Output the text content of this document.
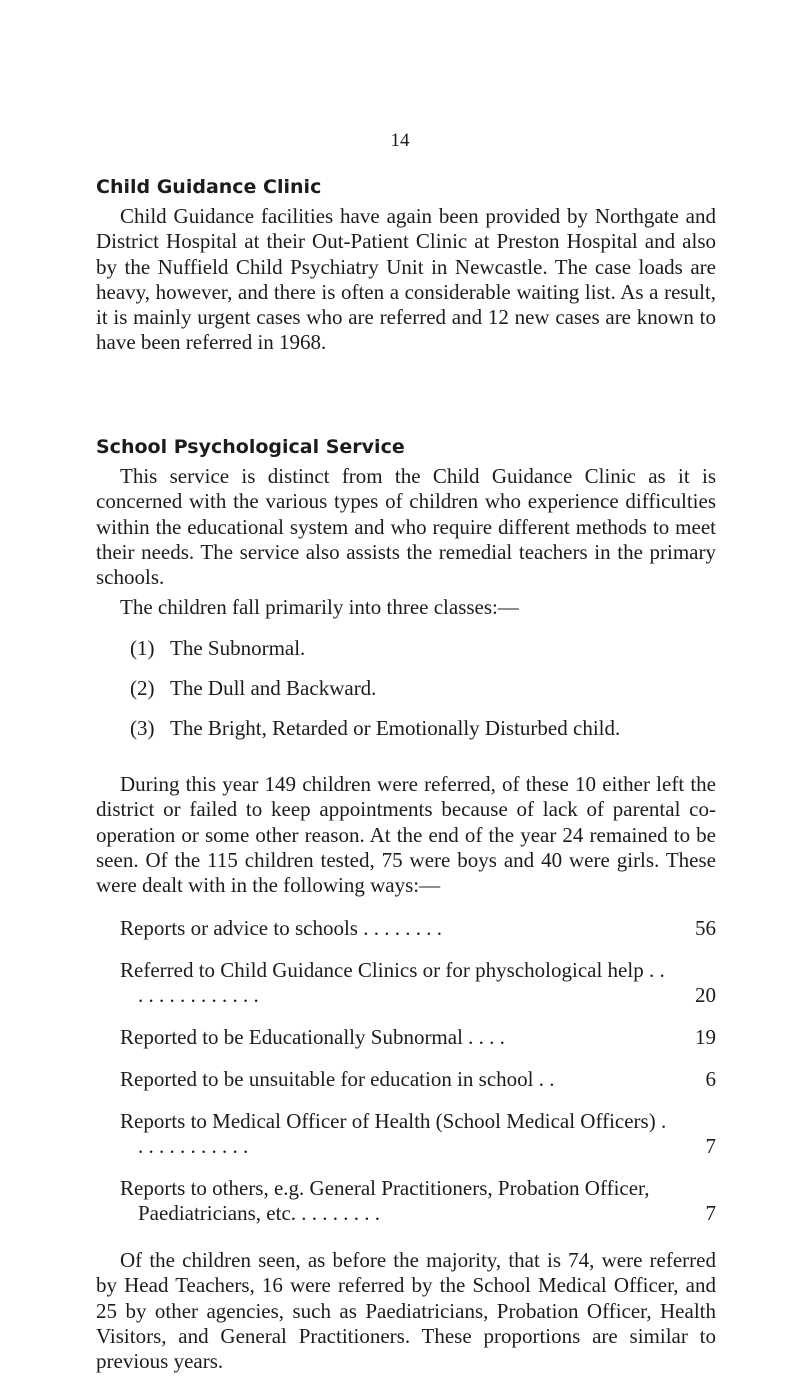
14
Child Guidance Clinic

Child Guidance facilities have again been provided by Northgate and District Hospital at their Out-Patient Clinic at Preston Hospital and also by the Nuffield Child Psychiatry Unit in Newcastle. The case loads are heavy, however, and there is often a considerable waiting list. As a result, it is mainly urgent cases who are referred and 12 new cases are known to have been referred in 1968.

School Psychological Service

This service is distinct from the Child Guidance Clinic as it is concerned with the various types of children who experience difficulties within the educational system and who require different methods to meet their needs. The service also assists the remedial teachers in the primary schools.

The children fall primarily into three classes:—

(1) The Subnormal.
(2) The Dull and Backward.
(3) The Bright, Retarded or Emotionally Disturbed child.

During this year 149 children were referred, of these 10 either left the district or failed to keep appointments because of lack of parental co-operation or some other reason. At the end of the year 24 remained to be seen. Of the 115 children tested, 75 were boys and 40 were girls. These were dealt with in the following ways:—

Reports or advice to schools . . . . . . . .	56
Referred to Child Guidance Clinics or for physchological help . . . . . . . . . . . . . .	20
Reported to be Educationally Subnormal . . . .	19
Reported to be unsuitable for education in school . .	6
Reports to Medical Officer of Health (School Medical Officers) . . . . . . . . . . . .	7
Reports to others, e.g. General Practitioners, Probation Officer, Paediatricians, etc. . . . . . . . .	7

Of the children seen, as before the majority, that is 74, were referred by Head Teachers, 16 were referred by the School Medical Officer, and 25 by other agencies, such as Paediatricians, Probation Officer, Health Visitors, and General Practitioners. These proportions are similar to previous years.
